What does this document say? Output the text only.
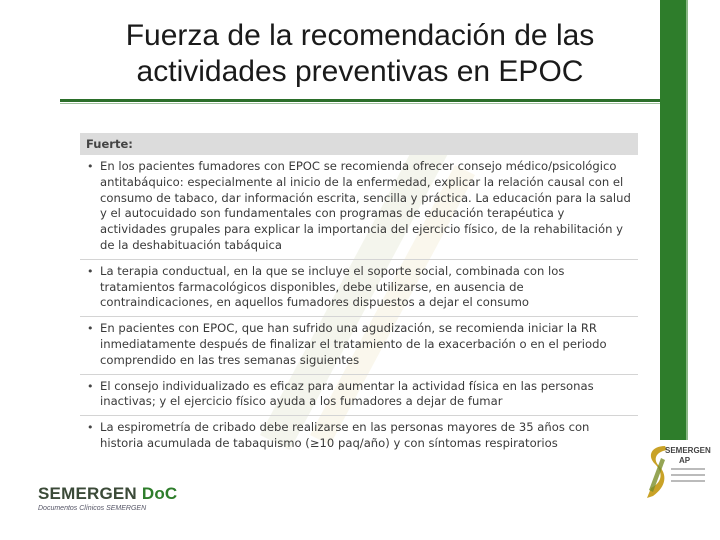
Fuerza de la recomendación de las
actividades preventivas en EPOC
Fuerte:
• En los pacientes fumadores con EPOC se recomienda ofrecer consejo médico/psicológico antitabáquico: especialmente al inicio de la enfermedad, explicar la relación causal con el consumo de tabaco, dar información escrita, sencilla y práctica. La educación para la salud y el autocuidado son fundamentales con programas de educación terapéutica y actividades grupales para explicar la importancia del ejercicio físico, de la rehabilitación y de la deshabituación tabáquica

• La terapia conductual, en la que se incluye el soporte social, combinada con los tratamientos farmacológicos disponibles, debe utilizarse, en ausencia de contraindicaciones, en aquellos fumadores dispuestos a dejar el consumo

• En pacientes con EPOC, que han sufrido una agudización, se recomienda iniciar la RR inmediatamente después de finalizar el tratamiento de la exacerbación o en el periodo comprendido en las tres semanas siguientes

• El consejo individualizado es eficaz para aumentar la actividad física en las personas inactivas; y el ejercicio físico ayuda a los fumadores a dejar de fumar

• La espirometría de cribado debe realizarse en las personas mayores de 35 años con historia acumulada de tabaquismo (≥10 paq/año) y con síntomas respiratorios

SEMERGEN DoC
Documentos Clínicos SEMERGEN
SEMERGEN
AP
